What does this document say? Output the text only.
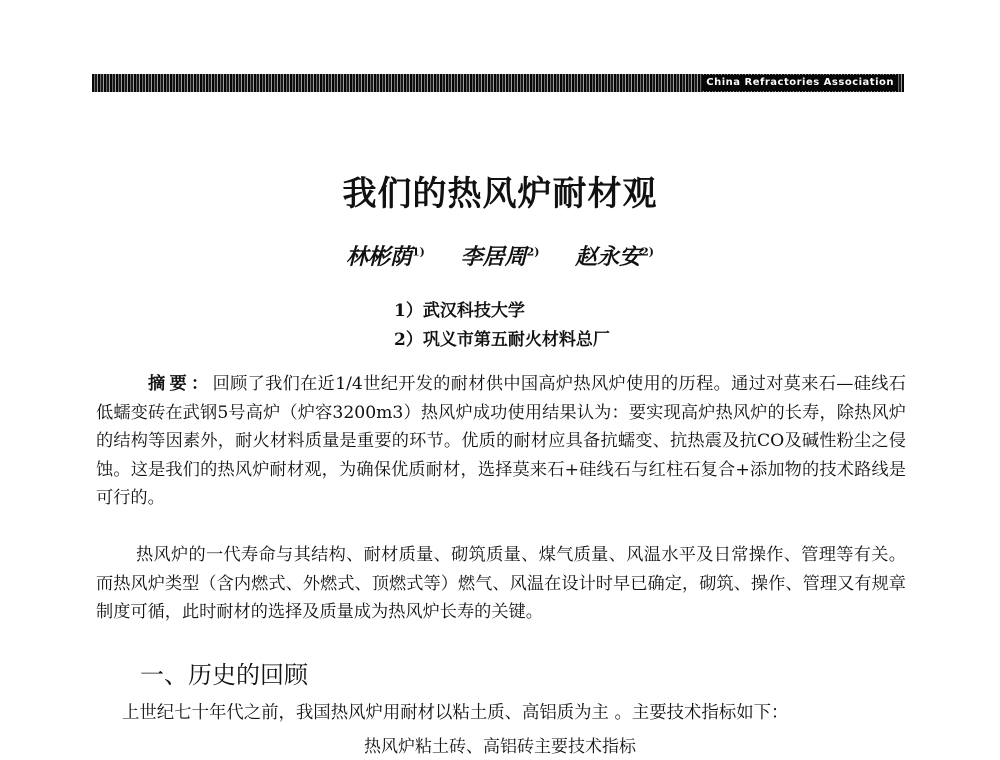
China Refractories Association
我们的热风炉耐材观
林彬荫$^{1)}$ 李居周$^{2)}$ 赵永安$^{2)}$
1）武汉科技大学
2）巩义市第五耐火材料总厂
摘要：回顾了我们在近1/4世纪开发的耐材供中国高炉热风炉使用的历程。通过对莫来石—硅线石低蠕变砖在武钢5号高炉（炉容3200m3）热风炉成功使用结果认为：要实现高炉热风炉的长寿，除热风炉的结构等因素外，耐火材料质量是重要的环节。优质的耐材应具备抗蠕变、抗热震及抗CO及碱性粉尘之侵蚀。这是我们的热风炉耐材观，为确保优质耐材，选择莫来石+硅线石与红柱石复合+添加物的技术路线是可行的。
热风炉的一代寿命与其结构、耐材质量、砌筑质量、煤气质量、风温水平及日常操作、管理等有关。而热风炉类型（含内燃式、外燃式、顶燃式等）燃气、风温在设计时早已确定，砌筑、操作、管理又有规章制度可循，此时耐材的选择及质量成为热风炉长寿的关键。
一、历史的回顾
上世纪七十年代之前，我国热风炉用耐材以粘土质、高铝质为主 。主要技术指标如下：
热风炉粘土砖、高铝砖主要技术指标
